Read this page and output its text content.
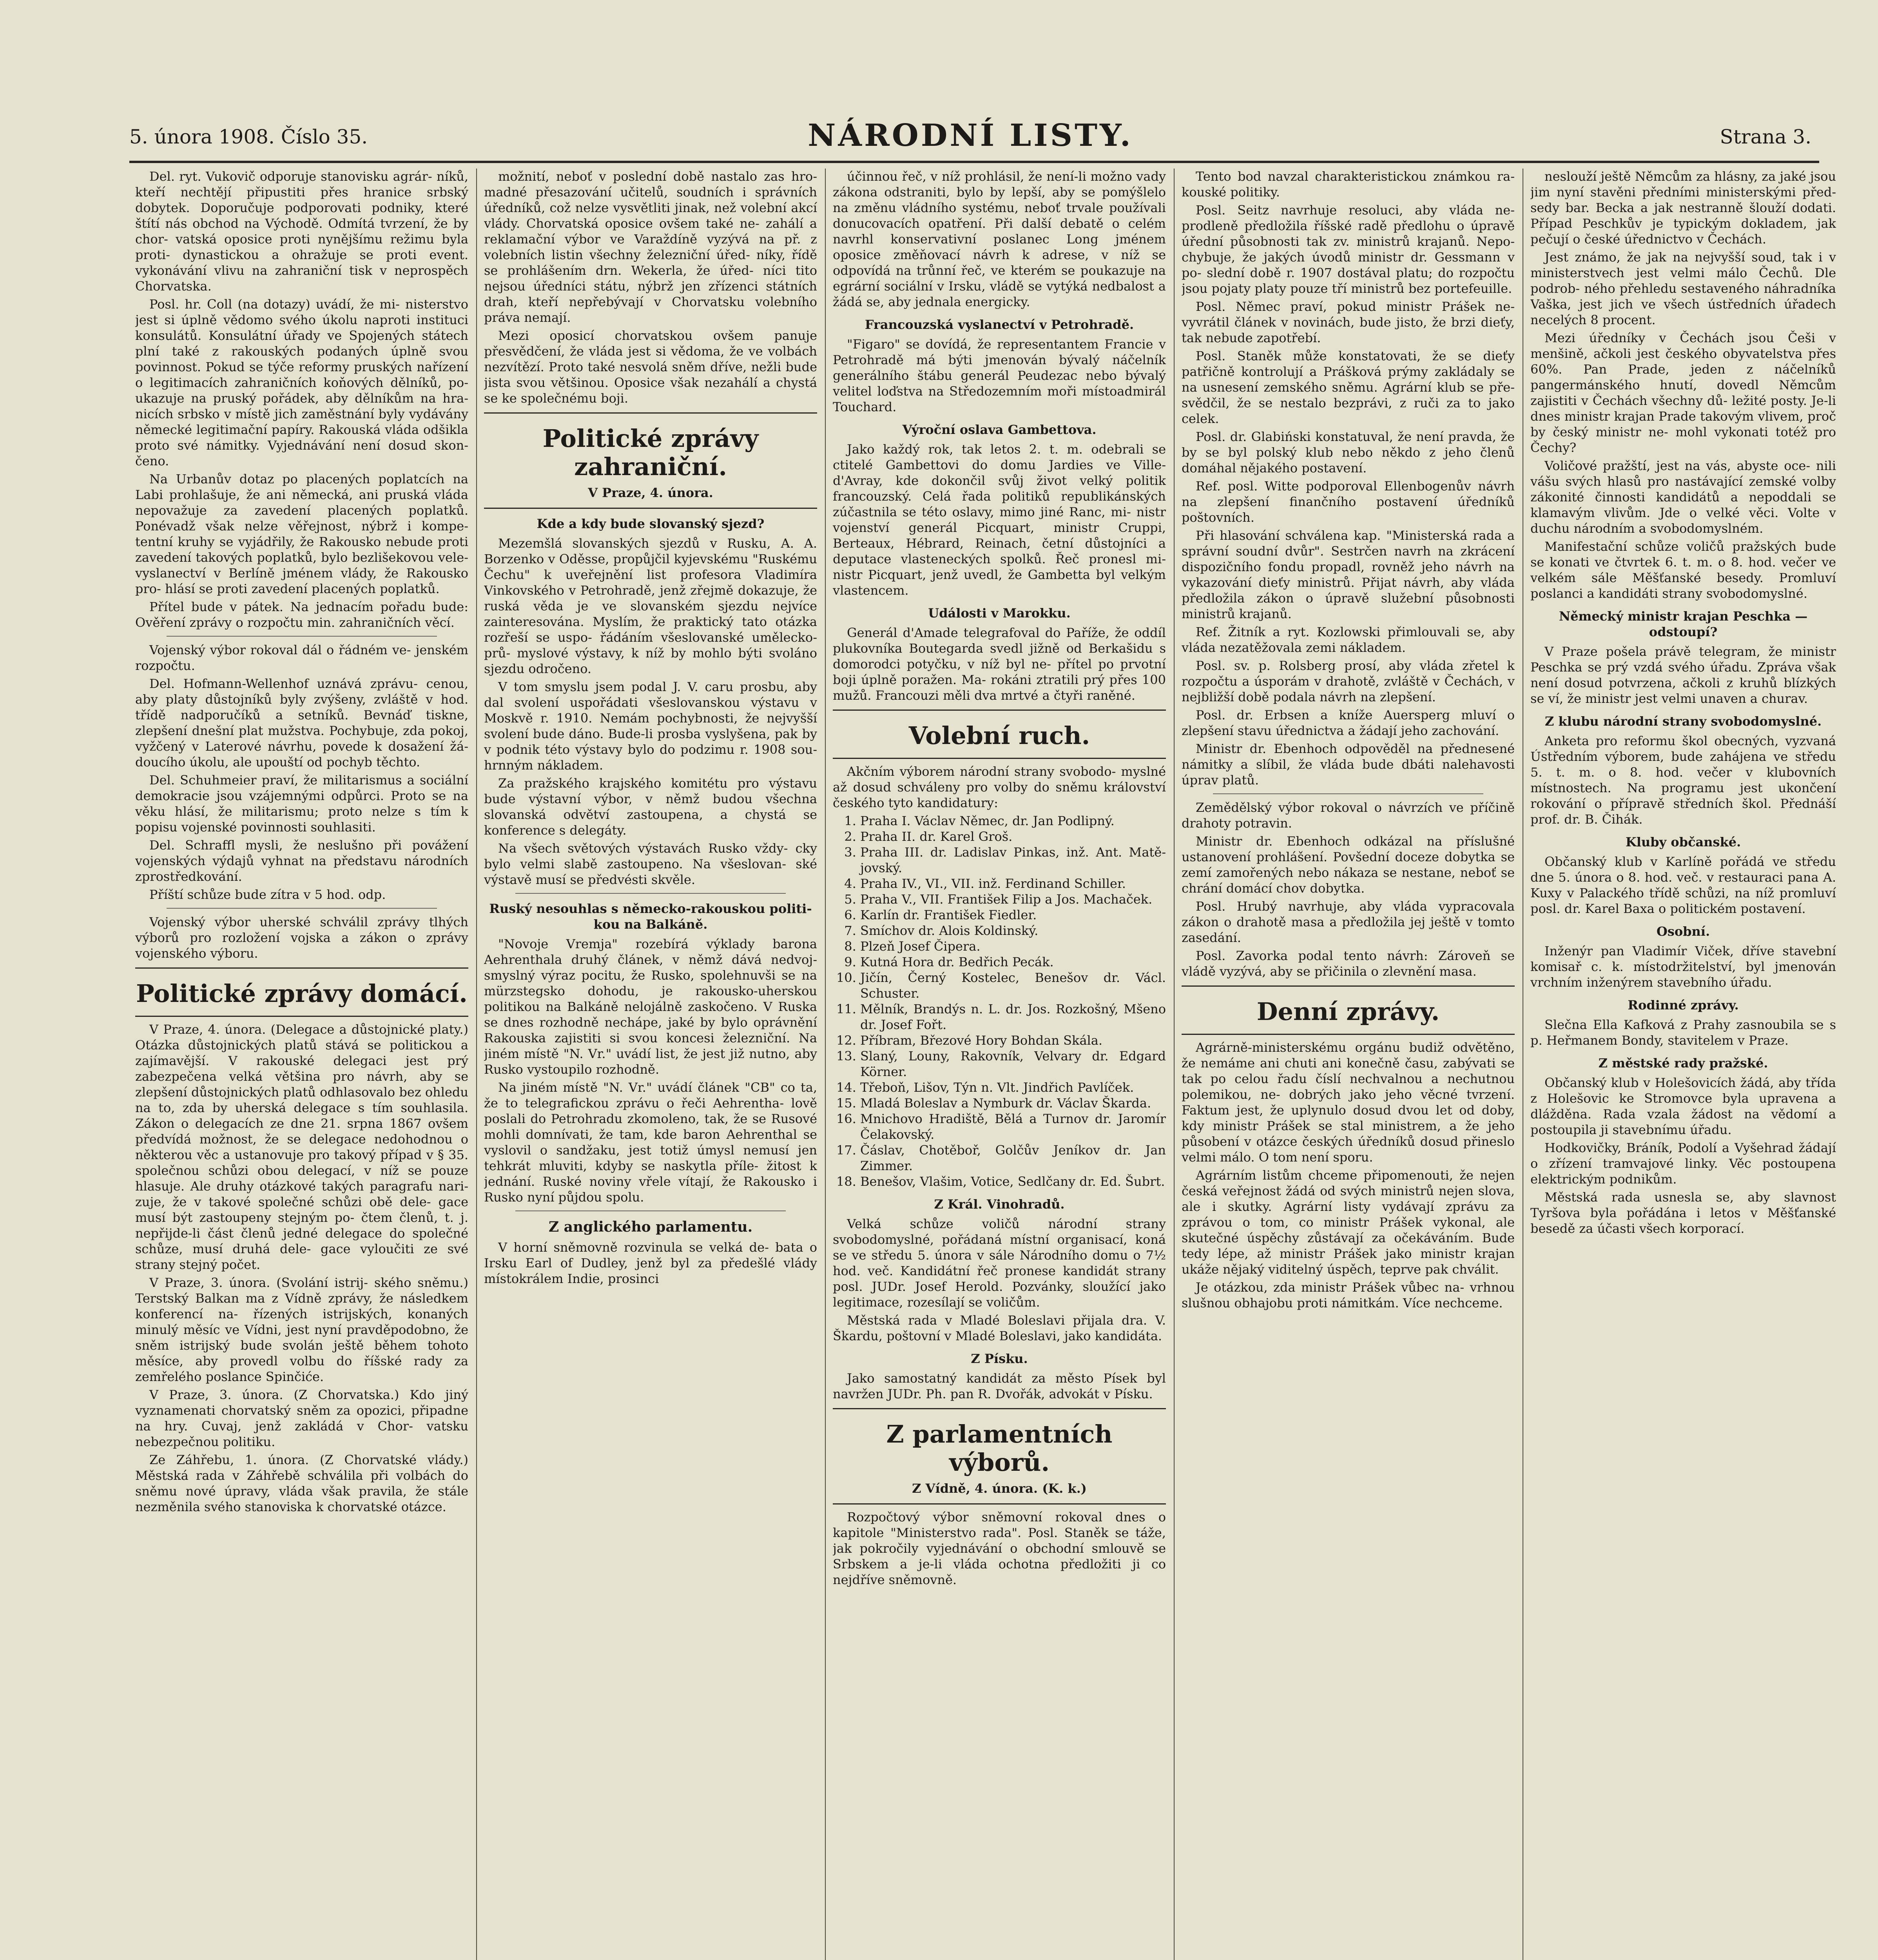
5. února 1908. Číslo 35.	NÁRODNÍ LISTY.	Strana 3.

Del. ryt. Vukovič odporuje stanovisku agrár- níků, kteří nechtějí připustiti přes hranice srbský dobytek. Doporučuje podporovati podniky, které štítí nás obchod na Východě. Odmítá tvrzení, že by chor- vatská oposice proti nynějšímu režimu byla proti- dynastickou a ohražuje se proti event. vykonávání vlivu na zahraniční tisk v neprospěch Chorvatska.

Posl. hr. Coll (na dotazy) uvádí, že mi- nisterstvo jest si úplně vědomo svého úkolu naproti instituci konsulátů. Konsulátní úřady ve Spojených státech plní také z rakouských podaných úplně svou povinnost. Pokud se týče reformy pruských nařízení o legitimacích zahraničních koňových dělníků, po- ukazuje na pruský pořádek, aby dělníkům na hra- nicích srbsko v místě jich zaměstnání byly vydávány německé legitimační papíry. Rakouská vláda odšikla proto své námitky. Vyjednávání není dosud skon- čeno.

Na Urbanův dotaz po placených poplatcích na Labi prohlašuje, že ani německá, ani pruská vláda nepovažuje za zavedení placených poplatků. Ponévadž však nelze věřejnost, nýbrž i kompe- tentní kruhy se vyjádřily, že Rakousko nebude proti zavedení takových poplatků, bylo bezlišekovou vele- vyslanectví v Berlíně jménem vlády, že Rakousko pro- hlásí se proti zavedení placených poplatků.

Přítel bude v pátek. Na jednacím pořadu bude: Ověření zprávy o rozpočtu min. zahraničních věcí.

Vojenský výbor rokoval dál o řádném ve- jenském rozpočtu.

Del. Hofmann-Wellenhof uznává zprávu- cenou, aby platy důstojníků byly zvýšeny, zvláště v hod. třídě nadporučíků a setníků. Bevnáď tiskne, zlepšení dnešní plat mužstva. Pochybuje, zda pokoj, vyžčený v Laterové návrhu, povede k dosažení žá- doucího úkolu, ale upouští od pochyb těchto.

Del. Schuhmeier praví, že militarismus a sociální demokracie jsou vzájemnými odpůrci. Proto se na věku hlásí, že militarismu; proto nelze s tím k popisu vojenské povinnosti souhlasiti.

Del. Schraffl mysli, že neslušno při povážení vojenských výdajů vyhnat na představu národních zprostředkování.

Příští schůze bude zítra v 5 hod. odp.

Vojenský výbor uherské schválil zprávy tlhých výborů pro rozložení vojska a zákon o zprávy vojenského výboru.

Politické zprávy domácí.

V Praze, 4. února. (Delegace a důstojnické platy.) Otázka důstojnických platů stává se politickou a zajímavější. V rakouské delegaci jest prý zabezpečena velká většina pro návrh, aby se zlepšení důstojnických platů odhlasovalo bez ohledu na to, zda by uherská delegace s tím souhlasila. Zákon o delegacích ze dne 21. srpna 1867 ovšem předvídá možnost, že se delegace nedohodnou o některou věc a ustanovuje pro takový případ v § 35. společnou schůzi obou delegací, v níž se pouze hlasuje. Ale druhy otázkové takých paragrafu nari- zuje, že v takové společné schůzi obě dele- gace musí být zastoupeny stejným po- čtem členů, t. j. nepřijde-li část členů jedné delegace do společné schůze, musí druhá dele- gace vyloučiti ze své strany stejný počet.

V Praze, 3. února. (Svolání istrij- ského sněmu.) Terstský Balkan ma z Vídně zprávy, že následkem konferencí na- řízených istrijských, konaných minulý měsíc ve Vídni, jest nyní pravděpodobno, že sněm istrijský bude svolán ještě během tohoto měsíce, aby provedl volbu do říšské rady za zemřelého poslance Spinčiće.

V Praze, 3. února. (Z Chorvatska.) Kdo jiný vyznamenati chorvatský sněm za opozici, připadne na hry. Cuvaj, jenž zakládá v Chor- vatsku nebezpečnou politiku.

Ze Záhřebu, 1. února. (Z Chorvatské vlády.) Městská rada v Záhřebě schválila při volbách do sněmu nové úpravy, vláda však pravila, že stále nezměnila svého stanoviska k chorvatské otázce.

možnití, neboť v poslední době nastalo zas hro- madné přesazování učitelů, soudních i správních úředníků, což nelze vysvětliti jinak, než volební akcí vlády. Chorvatská oposice ovšem také ne- zahálí a reklamační výbor ve Varaždíně vyzývá na př. z volebních listin všechny železniční úřed- níky, řídě se prohlášením drn. Wekerla, že úřed- níci tito nejsou úředníci státu, nýbrž jen zřízenci státních drah, kteří nepřebývají v Chorvatsku volebního práva nemají.

Mezi oposicí chorvatskou ovšem panuje přesvědčení, že vláda jest si vědoma, že ve volbách nezvítězí. Proto také nesvolá sněm dříve, nežli bude jista svou většinou. Oposice však nezahálí a chystá se ke společnému boji.

Politické zprávy zahraniční.
V Praze, 4. února.
Kde a kdy bude slovanský sjezd?

Mezemšlá slovanských sjezdů v Rusku, A. A. Borzenko v Oděsse, propůjčil kyjevskému "Ruskému Čechu" k uveřejnění list profesora Vladimíra Vinkovského v Petrohradě, jenž zřejmě dokazuje, že ruská věda je ve slovanském sjezdu nejvíce zainteresována. Myslím, že praktický tato otázka rozřeší se uspo- řádáním všeslovanské umělecko-prů- myslové výstavy, k níž by mohlo býti svoláno sjezdu odročeno.

V tom smyslu jsem podal J. V. caru prosbu, aby dal svolení uspořádati všeslovanskou výstavu v Moskvě r. 1910. Nemám pochybnosti, že nejvyšší svolení bude dáno. Bude-li prosba vyslyšena, pak by v podnik této výstavy bylo do podzimu r. 1908 sou- hrnným nákladem.

Za pražského krajského komitétu pro výstavu bude výstavní výbor, v němž budou všechna slovanská odvětví zastoupena, a chystá se konference s delegáty.

Na všech světových výstavách Rusko vždy- cky bylo velmi slabě zastoupeno. Na všeslovan- ské výstavě musí se předvésti skvěle.

Ruský nesouhlas s německo-rakouskou politi- kou na Balkáně.

"Novoje Vremja" rozebírá výklady barona Aehrenthala druhý článek, v němž dává nedvoj- smyslný výraz pocitu, že Rusko, spolehnuvši se na mürzstegsko dohodu, je rakousko-uherskou politikou na Balkáně nelojálně zaskočeno. V Ruska se dnes rozhodně nechápe, jaké by bylo oprávnění Rakouska zajistiti si svou koncesi železniční. Na jiném místě "N. Vr." uvádí list, že jest již nutno, aby Rusko vystoupilo rozhodně.

Na jiném místě "N. Vr." uvádí článek "CB" co ta, že to telegrafickou zprávu o řeči Aehrentha- lově poslali do Petrohradu zkomoleno, tak, že se Rusové mohli domnívati, že tam, kde baron Aehrenthal se vyslovil o sandžaku, jest totiž úmysl nemusí jen tehkrát mluviti, kdyby se naskytla příle- žitost k jednání. Ruské noviny vřele vítají, že Rakousko i Rusko nyní půjdou spolu.

Z anglického parlamentu.

V horní sněmovně rozvinula se velká de- bata o Irsku Earl of Dudley, jenž byl za předešlé vlády místokrálem Indie, prosinci

účinnou řeč, v níž prohlásil, že není-li možno vady zákona odstraniti, bylo by lepší, aby se pomýšlelo na změnu vládního systému, neboť trvale používali donucovacích opatření. Při další debatě o celém navrhl konservativní poslanec Long jménem oposice změňovací návrh k adrese, v níž se odpovídá na trůnní řeč, ve kterém se poukazuje na egrární sociální v Irsku, vládě se vytýká nedbalost a žádá se, aby jednala energicky.

Francouzská vyslanectví v Petrohradě.

"Figaro" se dovídá, že representantem Francie v Petrohradě má býti jmenován bývalý náčelník generálního štábu generál Peudezac nebo bývalý velitel loďstva na Středozemním moři místoadmirál Touchard.

Výroční oslava Gambettova.

Jako každý rok, tak letos 2. t. m. odebrali se ctitelé Gambettovi do domu Jardies ve Ville- d'Avray, kde dokončil svůj život velký politik francouzský. Celá řada politiků republikánských zúčastnila se této oslavy, mimo jiné Ranc, mi- nistr vojenství generál Picquart, ministr Cruppi, Berteaux, Hébrard, Reinach, četní důstojníci a deputace vlasteneckých spolků. Řeč pronesl mi- nistr Picquart, jenž uvedl, že Gambetta byl velkým vlastencem.

Události v Marokku.

Generál d'Amade telegrafoval do Paříže, že oddíl plukovníka Boutegarda svedl jižně od Berkašidu s domorodci potyčku, v níž byl ne- přítel po prvotní boji úplně poražen. Ma- rokáni ztratili prý přes 100 mužů. Francouzi měli dva mrtvé a čtyři raněné.

Volební ruch.

Akčním výborem národní strany svobodo- myslné až dosud schváleny pro volby do sněmu království českého tyto kandidatury:

1. Praha I. Václav Němec, dr. Jan Podlipný.
2. Praha II. dr. Karel Groš.
3. Praha III. dr. Ladislav Pinkas, inž. Ant. Matě- jovský.
4. Praha IV., VI., VII. inž. Ferdinand Schiller.
5. Praha V., VII. František Filip a Jos. Machaček.
6. Karlín dr. František Fiedler.
7. Smíchov dr. Alois Koldinský.
8. Plzeň Josef Čipera.
9. Kutná Hora dr. Bedřich Pecák.
10. Jičín, Černý Kostelec, Benešov dr. Václ. Schuster.
11. Mělník, Brandýs n. L. dr. Jos. Rozkošný, Mšeno dr. Josef Fořt.
12. Příbram, Březové Hory Bohdan Skála.
13. Slaný, Louny, Rakovník, Velvary dr. Edgard Körner.
14. Třeboň, Lišov, Týn n. Vlt. Jindřich Pavlíček.
15. Mladá Boleslav a Nymburk dr. Václav Škarda.
16. Mnichovo Hradiště, Bělá a Turnov dr. Jaromír Čelakovský.
17. Čáslav, Chotěboř, Golčův Jeníkov dr. Jan Zimmer.
18. Benešov, Vlašim, Votice, Sedlčany dr. Ed. Šubrt.
Z Král. Vinohradů.

Velká schůze voličů národní strany svobodomyslné, pořádaná místní organisací, koná se ve středu 5. února v sále Národního domu o 7½ hod. več. Kandidátní řeč pronese kandidát strany posl. JUDr. Josef Herold. Pozvánky, sloužící jako legitimace, rozesílají se voličům.

Městská rada v Mladé Boleslavi přijala dra. V. Škardu, poštovní v Mladé Boleslavi, jako kandidáta.

Z Písku.

Jako samostatný kandidát za město Písek byl navržen JUDr. Ph. pan R. Dvořák, advokát v Písku.

Z parlamentních výborů.
Z Vídně, 4. února. (K. k.)

Rozpočtový výbor sněmovní rokoval dnes o kapitole "Ministerstvo rada". Posl. Staněk se táže, jak pokročily vyjednávání o obchodní smlouvě se Srbskem a je-li vláda ochotna předložiti ji co nejdříve sněmovně.

Tento bod navzal charakteristickou známkou ra- kouské politiky.

Posl. Seitz navrhuje resoluci, aby vláda ne- prodleně předložila říšské radě předlohu o úpravě úřední působnosti tak zv. ministrů krajanů. Nepo- chybuje, že jakých úvodů ministr dr. Gessmann v po- slední době r. 1907 dostával platu; do rozpočtu jsou pojaty platy pouze tří ministrů bez portefeuille.

Posl. Němec praví, pokud ministr Prášek ne- vyvrátil článek v novinách, bude jisto, že brzi dieťy, tak nebude zapotřebí.

Posl. Staněk může konstatovati, že se dieťy patřičně kontrolují a Prášková prýmy zakládaly se na usnesení zemského sněmu. Agrární klub se pře- svědčil, že se nestalo bezprávi, z ruči za to jako celek.

Posl. dr. Glabiński konstatuval, že není pravda, že by se byl polský klub nebo někdo z jeho členů domáhal nějakého postavení.

Ref. posl. Witte podporoval Ellenbogenův návrh na zlepšení finančního postavení úředníků poštovních.

Při hlasování schválena kap. "Ministerská rada a správní soudní dvůr". Sestrčen navrh na zkrácení dispozičního fondu propadl, rovněž jeho návrh na vykazování dieťy ministrů. Přijat návrh, aby vláda předložila zákon o úpravě služební působnosti ministrů krajanů.

Ref. Žitník a ryt. Kozlowski přimlouvali se, aby vláda nezatěžovala zemi nákladem.

Posl. sv. p. Rolsberg prosí, aby vláda zřetel k rozpočtu a úsporám v drahotě, zvláště v Čechách, v nejbližší době podala návrh na zlepšení.

Posl. dr. Erbsen a kníže Auersperg mluví o zlepšení stavu úřednictva a žádají jeho zachování.

Ministr dr. Ebenhoch odpověděl na přednesené námitky a slíbil, že vláda bude dbáti nalehavosti úprav platů.

Zemědělský výbor rokoval o návrzích ve příčině drahoty potravin.

Ministr dr. Ebenhoch odkázal na příslušné ustanovení prohlášení. Povšední doceze dobytka se zemí zamořených nebo nákaza se nestane, neboť se chrání domácí chov dobytka.

Posl. Hrubý navrhuje, aby vláda vypracovala zákon o drahotě masa a předložila jej ještě v tomto zasedání.

Posl. Zavorka podal tento návrh: Zároveň se vládě vyzývá, aby se přičinila o zlevnění masa.

Denní zprávy.

Agrárně-ministerskému orgánu budiž odvětěno, že nemáme ani chuti ani konečně času, zabývati se tak po celou řadu číslí nechvalnou a nechutnou polemikou, ne- dobrých jako jeho věcné tvrzení. Faktum jest, že uplynulo dosud dvou let od doby, kdy ministr Prášek se stal ministrem, a že jeho působení v otázce českých úředníků dosud přineslo velmi málo. O tom není sporu.

Agrárním listům chceme připomenouti, že nejen česká veřejnost žádá od svých ministrů nejen slova, ale i skutky. Agrární listy vydávají zprávu za zprávou o tom, co ministr Prášek vykonal, ale skutečné úspěchy zůstávají za očekáváním. Bude tedy lépe, až ministr Prášek jako ministr krajan ukáže nějaký viditelný úspěch, teprve pak chválit.

Je otázkou, zda ministr Prášek vůbec na- vrhnou slušnou obhajobu proti námitkám. Více nechceme.

neslouží ještě Němcům za hlásny, za jaké jsou jim nyní stavěni předními ministerskými před- sedy bar. Becka a jak nestranně šlouží dodati. Případ Peschkův je typickým dokladem, jak pečují o české úřednictvo v Čechách.

Jest známo, že jak na nejvyšší soud, tak i v ministerstvech jest velmi málo Čechů. Dle podrob- ného přehledu sestaveného náhradníka Vaška, jest jich ve všech ústředních úřadech necelých 8 procent.

Mezi úředníky v Čechách jsou Češi v menšině, ačkoli jest českého obyvatelstva přes 60%. Pan Prade, jeden z náčelníků pangermánského hnutí, dovedl Němcům zajistiti v Čechách všechny dů- ležité posty. Je-li dnes ministr krajan Prade takovým vlivem, proč by český ministr ne- mohl vykonati totéž pro Čechy?

Voličové pražští, jest na vás, abyste oce- nili vášu svých hlasů pro nastávající zemské volby zákonité činnosti kandidátů a nepoddali se klamavým vlivům. Jde o velké věci. Volte v duchu národním a svobodomyslném.

Manifestační schůze voličů pražských bude se konati ve čtvrtek 6. t. m. o 8. hod. večer ve velkém sále Měšťanské besedy. Promluví poslanci a kandidáti strany svobodomyslné.

Německý ministr krajan Peschka — odstoupí?

V Praze pošela právě telegram, že ministr Peschka se prý vzdá svého úřadu. Zpráva však není dosud potvrzena, ačkoli z kruhů blízkých se ví, že ministr jest velmi unaven a churav.

Z klubu národní strany svobodomyslné.

Anketa pro reformu škol obecných, vyzvaná Ústředním výborem, bude zahájena ve středu 5. t. m. o 8. hod. večer v klubovních místnostech. Na programu jest ukončení rokování o přípravě středních škol. Přednáší prof. dr. B. Čihák.

Kluby občanské.

Občanský klub v Karlíně pořádá ve středu dne 5. února o 8. hod. več. v restauraci pana A. Kuxy v Palackého třídě schůzi, na níž promluví posl. dr. Karel Baxa o politickém postavení.

Osobní.

Inženýr pan Vladimír Viček, dříve stavební komisař c. k. místodržitelství, byl jmenován vrchním inženýrem stavebního úřadu.

Rodinné zprávy.

Slečna Ella Kafková z Prahy zasnoubila se s p. Heřmanem Bondy, stavitelem v Praze.

Z městské rady pražské.

Občanský klub v Holešovicích žádá, aby třída z Holešovic ke Stromovce byla upravena a dlážděna. Rada vzala žádost na vědomí a postoupila ji stavebnímu úřadu.

Hodkovičky, Bráník, Podolí a Vyšehrad žádají o zřízení tramvajové linky. Věc postoupena elektrickým podnikům.

Městská rada usnesla se, aby slavnost Tyršova byla pořádána i letos v Měšťanské besedě za účasti všech korporací.
